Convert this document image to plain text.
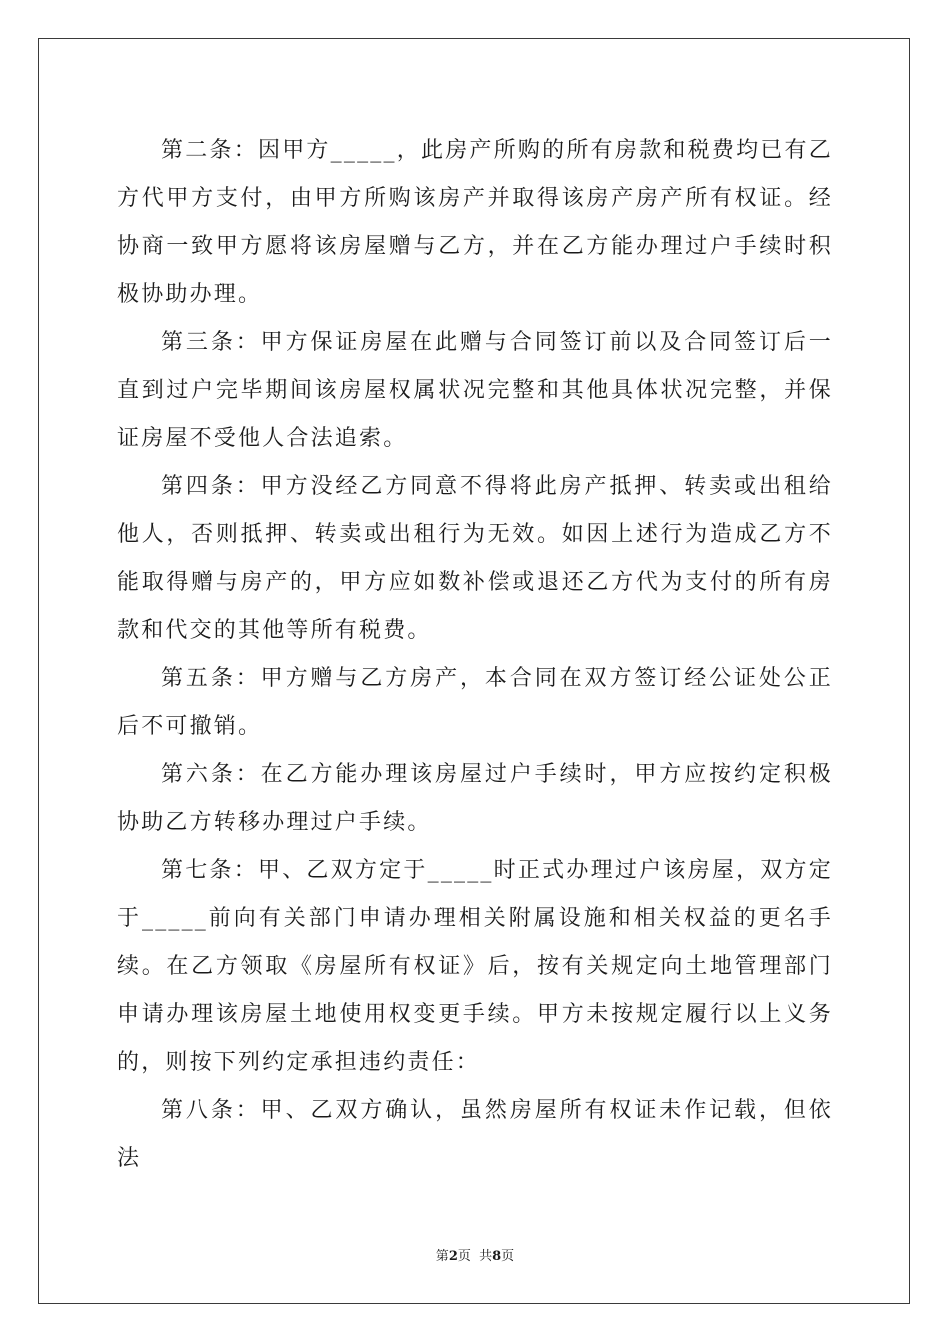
第二条：因甲方_____，此房产所购的所有房款和税费均已有乙方代甲方支付，由甲方所购该房产并取得该房产房产所有权证。经协商一致甲方愿将该房屋赠与乙方，并在乙方能办理过户手续时积极协助办理。

第三条：甲方保证房屋在此赠与合同签订前以及合同签订后一直到过户完毕期间该房屋权属状况完整和其他具体状况完整，并保证房屋不受他人合法追索。

第四条：甲方没经乙方同意不得将此房产抵押、转卖或出租给他人，否则抵押、转卖或出租行为无效。如因上述行为造成乙方不能取得赠与房产的，甲方应如数补偿或退还乙方代为支付的所有房款和代交的其他等所有税费。

第五条：甲方赠与乙方房产，本合同在双方签订经公证处公正后不可撤销。

第六条：在乙方能办理该房屋过户手续时，甲方应按约定积极协助乙方转移办理过户手续。

第七条：甲、乙双方定于_____时正式办理过户该房屋，双方定于_____前向有关部门申请办理相关附属设施和相关权益的更名手续。在乙方领取《房屋所有权证》后，按有关规定向土地管理部门申请办理该房屋土地使用权变更手续。甲方未按规定履行以上义务的，则按下列约定承担违约责任：

第八条：甲、乙双方确认，虽然房屋所有权证未作记载，但依法

第2页  共8页
